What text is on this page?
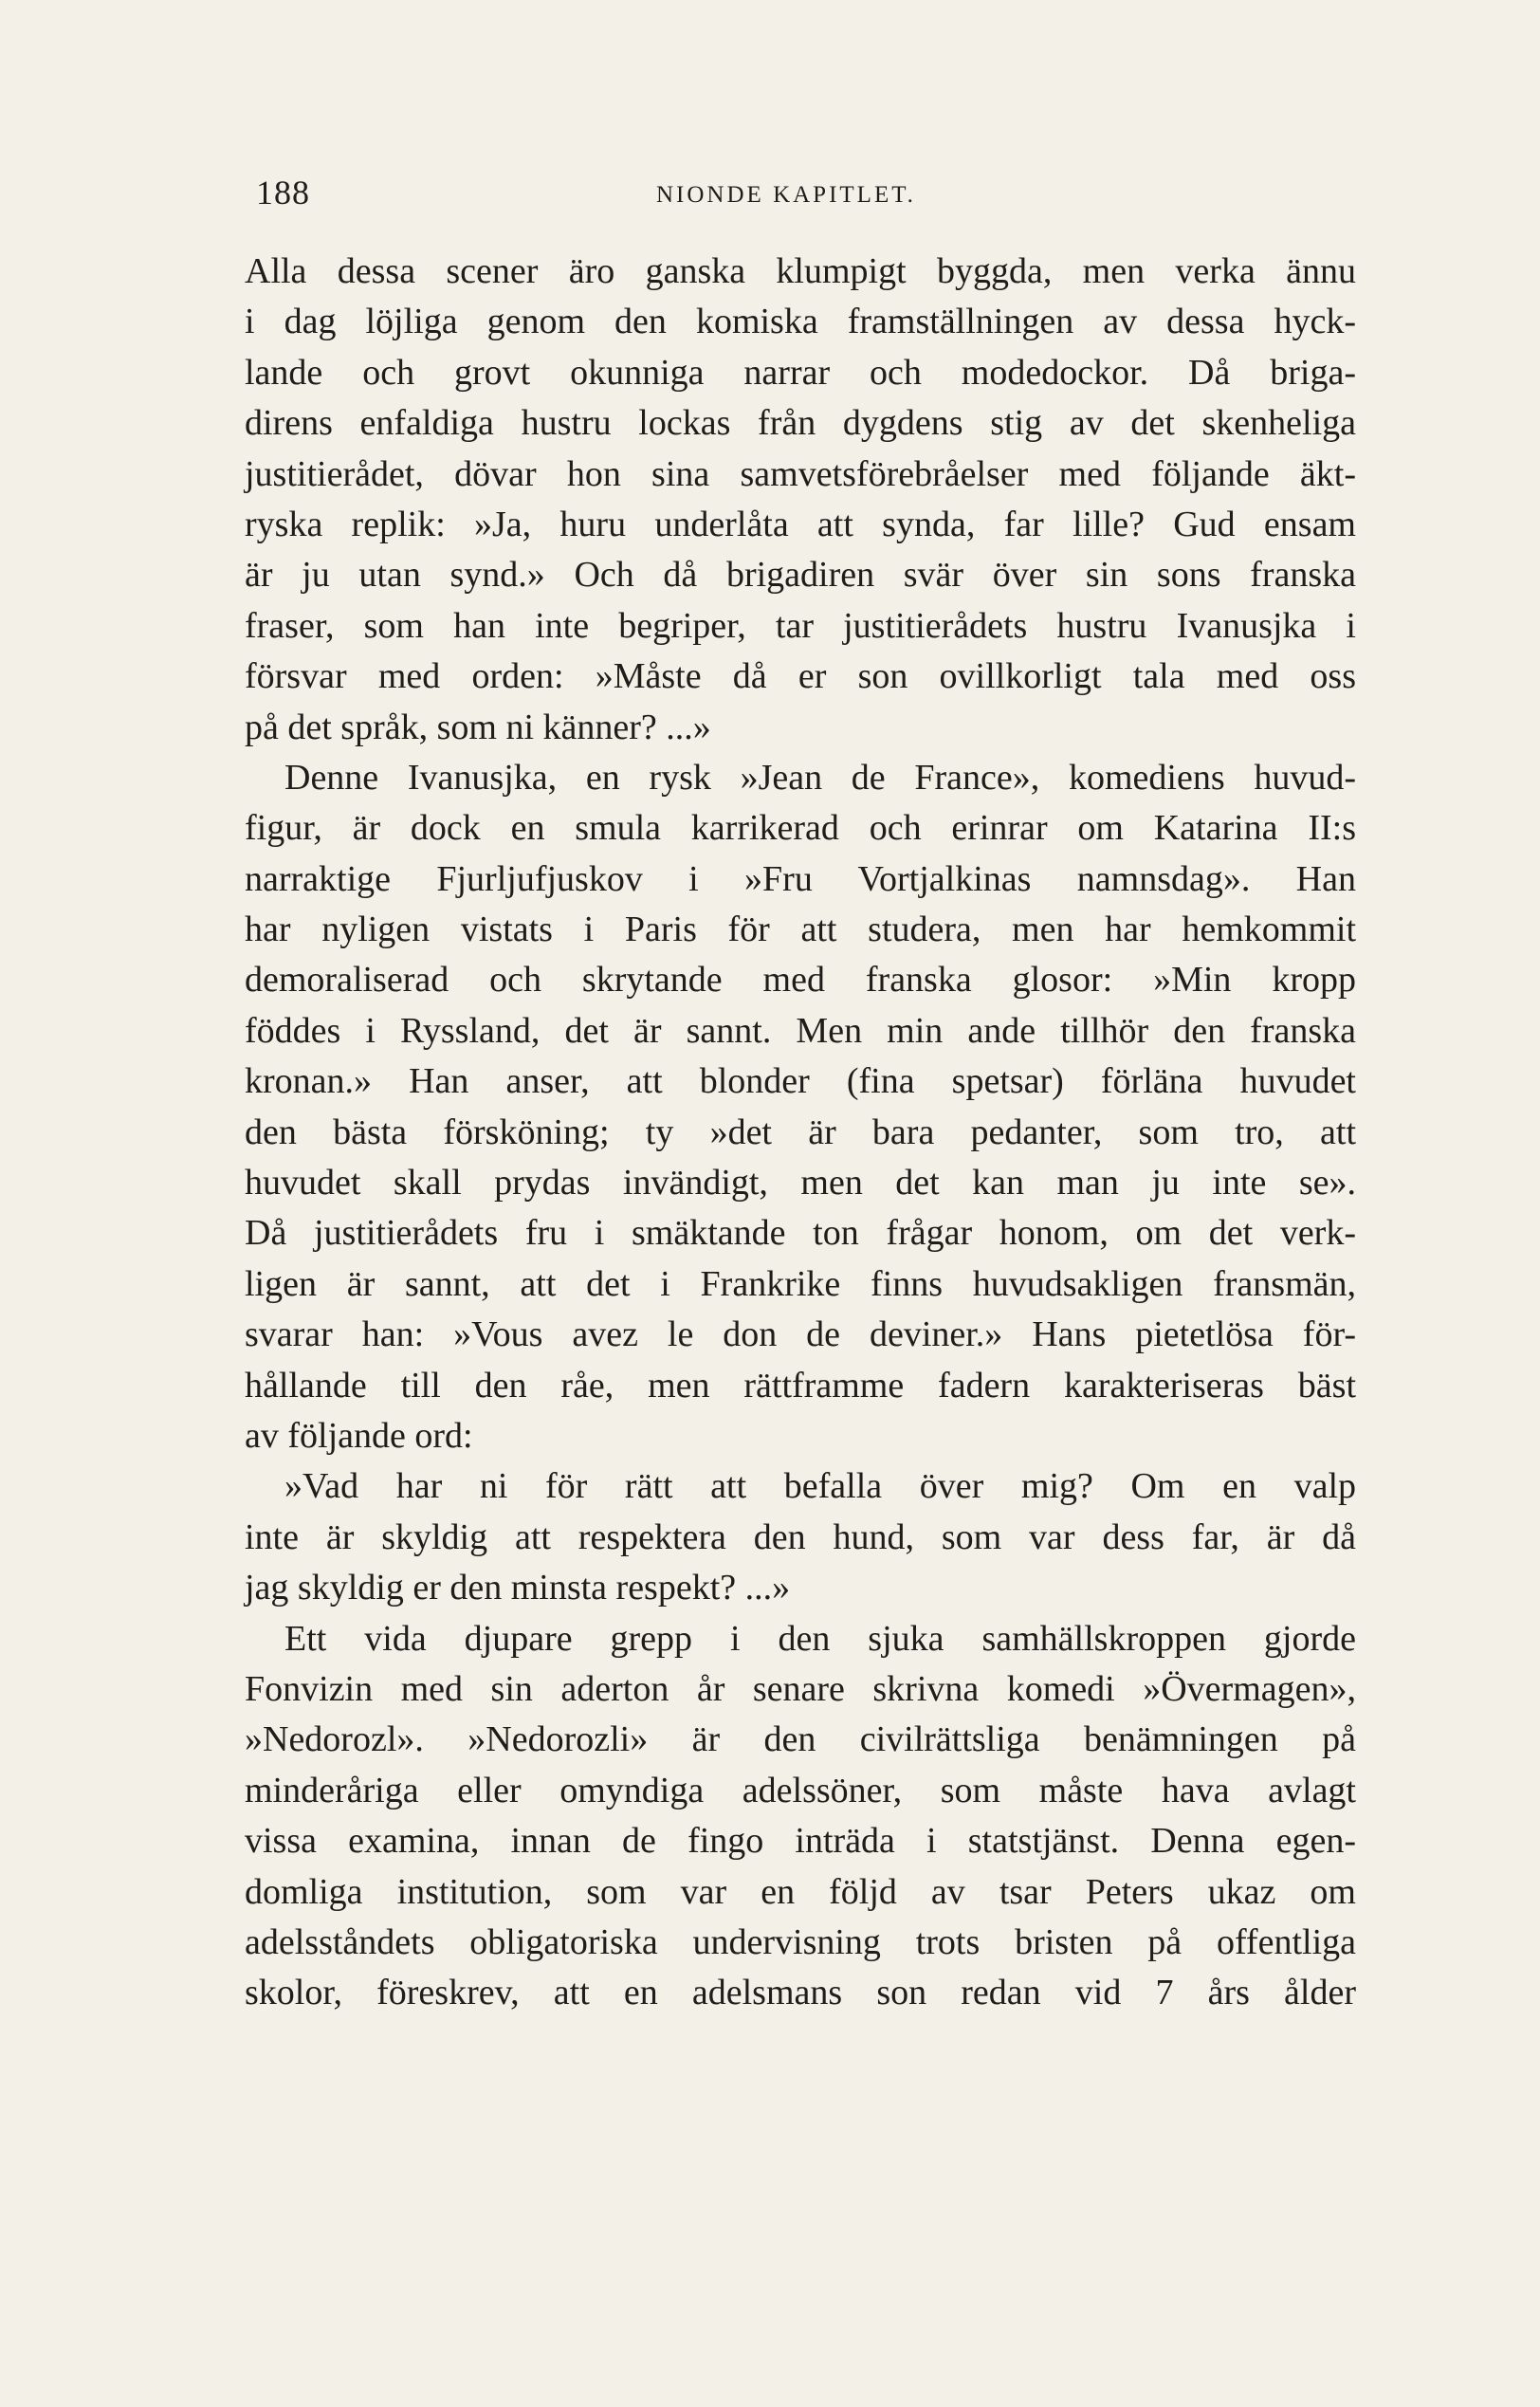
188	NIONDE KAPITLET.
Alla dessa scener äro ganska klumpigt byggda, men verka ännu
i dag löjliga genom den komiska framställningen av dessa hyck-
lande och grovt okunniga narrar och modedockor. Då briga-
direns enfaldiga hustru lockas från dygdens stig av det skenheliga
justitierådet, dövar hon sina samvetsförebråelser med följande äkt-
ryska replik: »Ja, huru underlåta att synda, far lille? Gud ensam
är ju utan synd.» Och då brigadiren svär över sin sons franska
fraser, som han inte begriper, tar justitierådets hustru Ivanusjka i
försvar med orden: »Måste då er son ovillkorligt tala med oss
på det språk, som ni känner? ...»
Denne Ivanusjka, en rysk »Jean de France», komediens huvud-
figur, är dock en smula karrikerad och erinrar om Katarina II:s
narraktige Fjurljufjuskov i »Fru Vortjalkinas namnsdag». Han
har nyligen vistats i Paris för att studera, men har hemkommit
demoraliserad och skrytande med franska glosor: »Min kropp
föddes i Ryssland, det är sannt. Men min ande tillhör den franska
kronan.» Han anser, att blonder (fina spetsar) förläna huvudet
den bästa försköning; ty »det är bara pedanter, som tro, att
huvudet skall prydas invändigt, men det kan man ju inte se».
Då justitierådets fru i smäktande ton frågar honom, om det verk-
ligen är sannt, att det i Frankrike finns huvudsakligen fransmän,
svarar han: »Vous avez le don de deviner.» Hans pietetlösa för-
hållande till den råe, men rättframme fadern karakteriseras bäst
av följande ord:
»Vad har ni för rätt att befalla över mig? Om en valp
inte är skyldig att respektera den hund, som var dess far, är då
jag skyldig er den minsta respekt? ...»
Ett vida djupare grepp i den sjuka samhällskroppen gjorde
Fonvizin med sin aderton år senare skrivna komedi »Övermagen»,
»Nedorozl». »Nedorozli» är den civilrättsliga benämningen på
minderåriga eller omyndiga adelssöner, som måste hava avlagt
vissa examina, innan de fingo inträda i statstjänst. Denna egen-
domliga institution, som var en följd av tsar Peters ukaz om
adelsståndets obligatoriska undervisning trots bristen på offentliga
skolor, föreskrev, att en adelsmans son redan vid 7 års ålder
